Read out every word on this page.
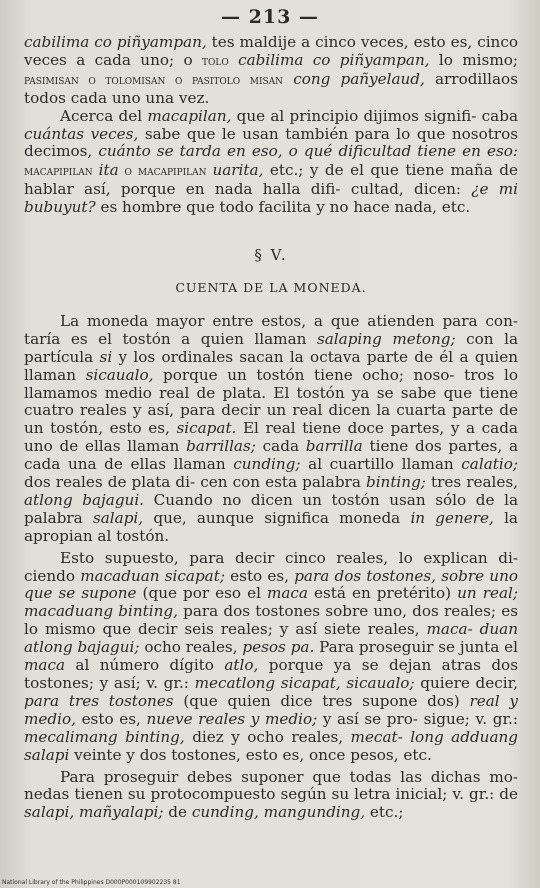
— 213 —

cabilima co piñyampan, tes maldije a cinco veces, esto es, cinco veces a cada uno; o tolo cabilima co piñyampan, lo mismo; pasimisan o tolomisan o pasitolo misan cong pañyelaud, arrodillaos todos cada uno una vez.

Acerca del macapilan, que al principio dijimos signifi- caba cuántas veces, sabe que le usan también para lo que nosotros decimos, cuánto se tarda en eso, o qué dificultad tiene en eso: macapipilan ita o macapipilan uarita, etc.; y de el que tiene maña de hablar así, porque en nada halla difi- cultad, dicen: ¿e mi bubuyut? es hombre que todo facilita y no hace nada, etc.

§ V.
CUENTA DE LA MONEDA.

La moneda mayor entre estos, a que atienden para con- taría es el tostón a quien llaman salaping metong; con la partícula si y los ordinales sacan la octava parte de él a quien llaman sicaualo, porque un tostón tiene ocho; noso- tros lo llamamos medio real de plata. El tostón ya se sabe que tiene cuatro reales y así, para decir un real dicen la cuarta parte de un tostón, esto es, sicapat. El real tiene doce partes, y a cada uno de ellas llaman barrillas; cada barrilla tiene dos partes, a cada una de ellas llaman cunding; al cuartillo llaman calatio; dos reales de plata di- cen con esta palabra binting; tres reales, atlong bajagui. Cuando no dicen un tostón usan sólo de la palabra salapi, que, aunque significa moneda in genere, la apropian al tostón.

Esto supuesto, para decir cinco reales, lo explican di- ciendo macaduan sicapat; esto es, para dos tostones, sobre uno que se supone (que por eso el maca está en pretérito) un real; macaduang binting, para dos tostones sobre uno, dos reales; es lo mismo que decir seis reales; y así siete reales, maca- duan atlong bajagui; ocho reales, pesos pa. Para proseguir se junta el maca al número dígito atlo, porque ya se dejan atras dos tostones; y así; v. gr.: mecatlong sicapat, sicaualo; quiere decir, para tres tostones (que quien dice tres supone dos) real y medio, esto es, nueve reales y medio; y así se pro- sigue; v. gr.: mecalimang binting, diez y ocho reales, mecat- long adduang salapi veinte y dos tostones, esto es, once pesos, etc.

Para proseguir debes suponer que todas las dichas mo- nedas tienen su protocompuesto según su letra inicial; v. gr.: de salapi, mañyalapi; de cunding, mangunding, etc.;

National Library of the Philippines D000P000109902235 81
